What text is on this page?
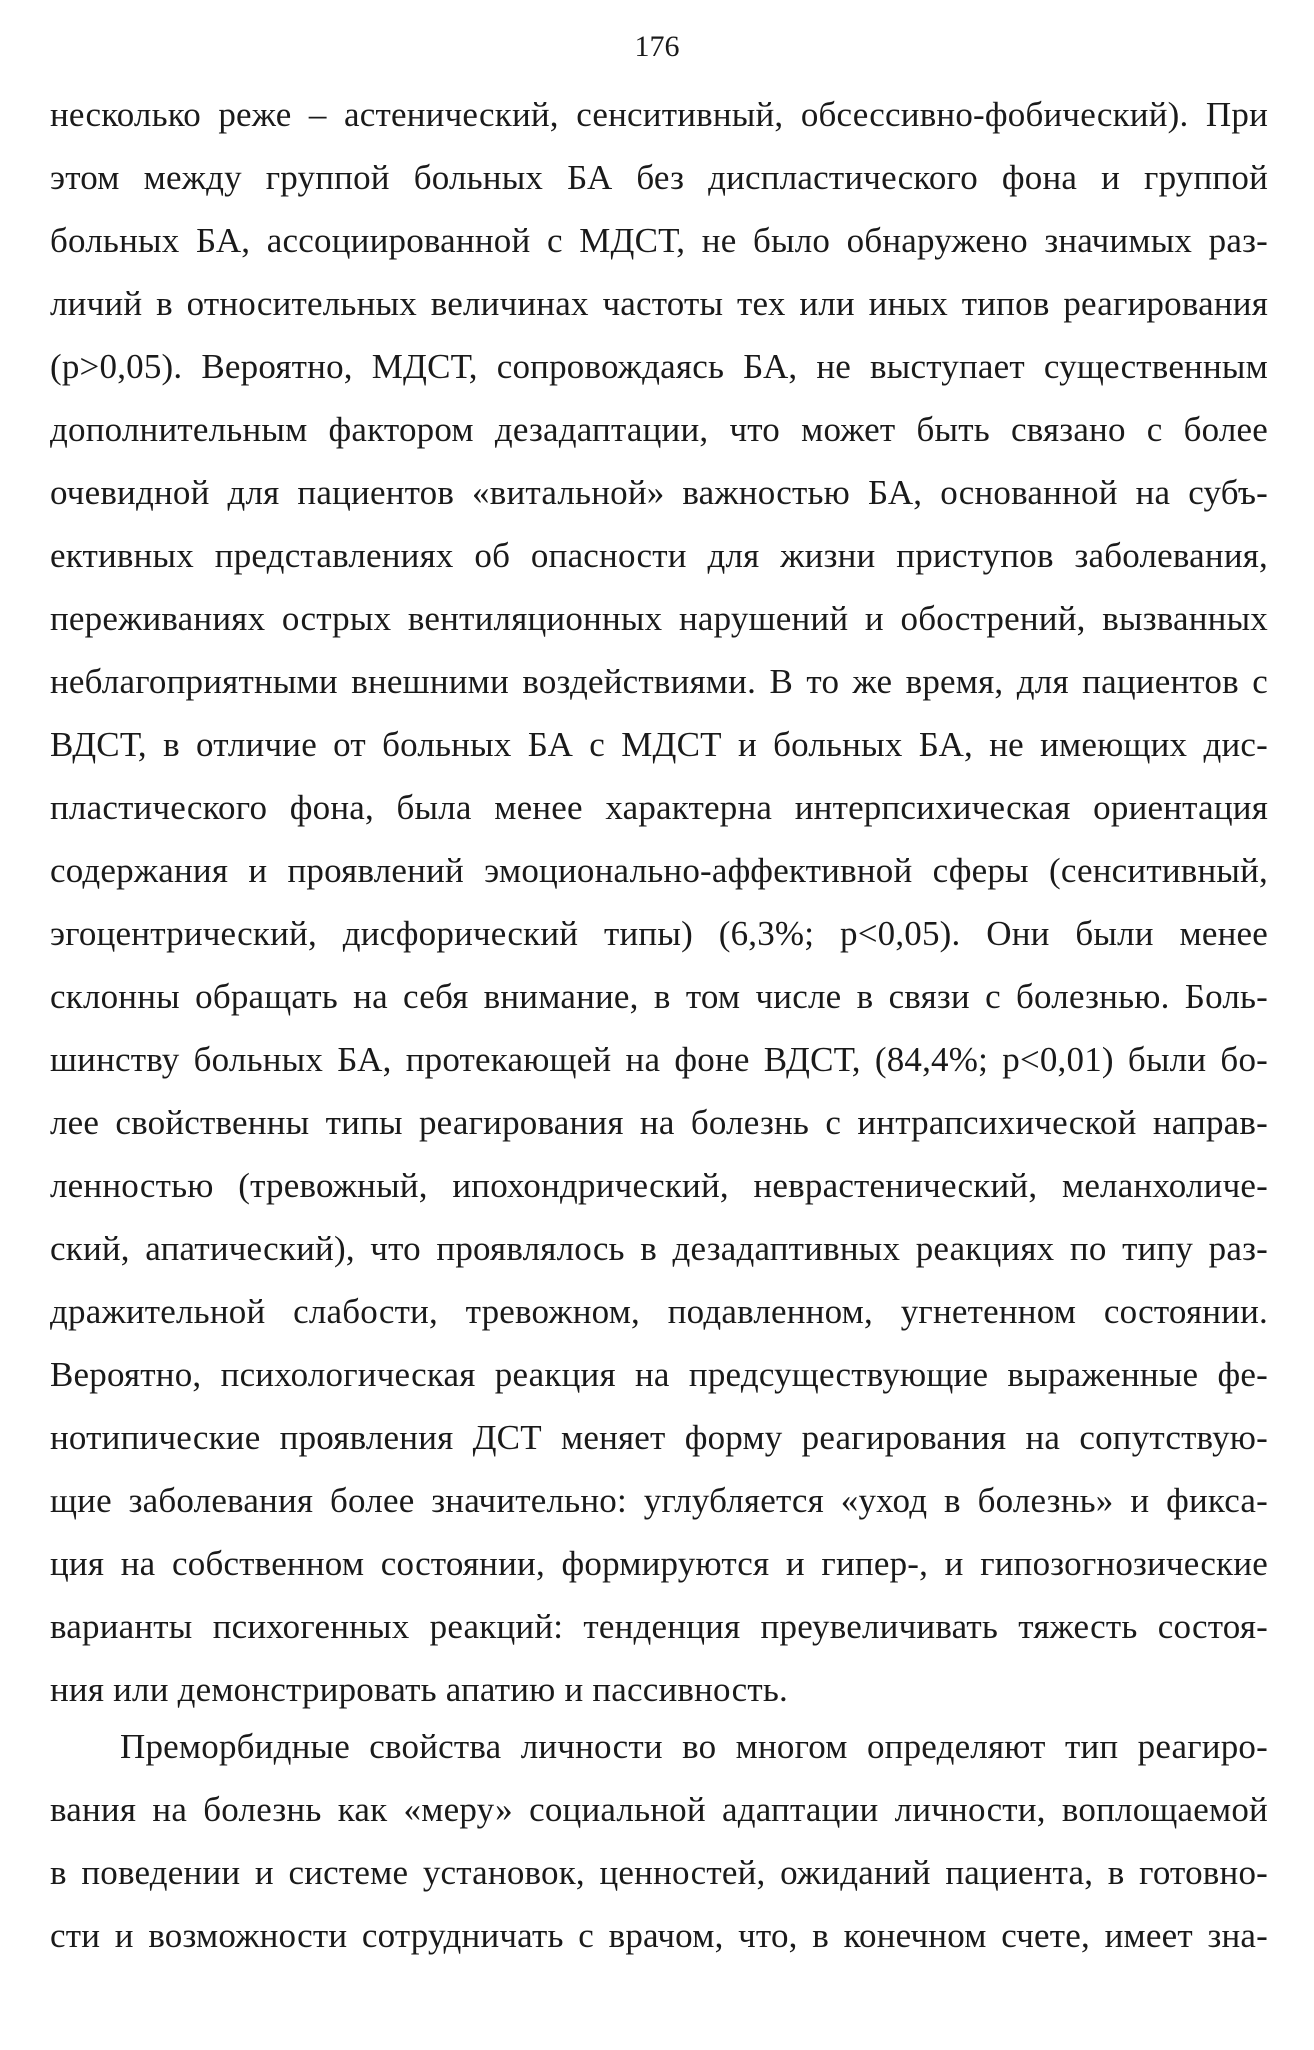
176
несколько реже – астенический, сенситивный, обсессивно-фобический). При
этом между группой больных БА без диспластического фона и группой
больных БА, ассоциированной с МДСТ, не было обнаружено значимых раз-
личий в относительных величинах частоты тех или иных типов реагирования
(р>0,05). Вероятно, МДСТ, сопровождаясь БА, не выступает существенным
дополнительным фактором дезадаптации, что может быть связано с более
очевидной для пациентов «витальной» важностью БА, основанной на субъ-
ективных представлениях об опасности для жизни приступов заболевания,
переживаниях острых вентиляционных нарушений и обострений, вызванных
неблагоприятными внешними воздействиями. В то же время, для пациентов с
ВДСТ, в отличие от больных БА с МДСТ и больных БА, не имеющих дис-
пластического фона, была менее характерна интерпсихическая ориентация
содержания и проявлений эмоционально-аффективной сферы (сенситивный,
эгоцентрический, дисфорический типы) (6,3%; р<0,05). Они были менее
склонны обращать на себя внимание, в том числе в связи с болезнью. Боль-
шинству больных БА, протекающей на фоне ВДСТ, (84,4%; р<0,01) были бо-
лее свойственны типы реагирования на болезнь с интрапсихической направ-
ленностью (тревожный, ипохондрический, неврастенический, меланхоличе-
ский, апатический), что проявлялось в дезадаптивных реакциях по типу раз-
дражительной слабости, тревожном, подавленном, угнетенном состоянии.
Вероятно, психологическая реакция на предсуществующие выраженные фе-
нотипические проявления ДСТ меняет форму реагирования на сопутствую-
щие заболевания более значительно: углубляется «уход в болезнь» и фикса-
ция на собственном состоянии, формируются и гипер-, и гипозогнозические
варианты психогенных реакций: тенденция преувеличивать тяжесть состоя-
ния или демонстрировать апатию и пассивность.
Преморбидные свойства личности во многом определяют тип реагиро-
вания на болезнь как «меру» социальной адаптации личности, воплощаемой
в поведении и системе установок, ценностей, ожиданий пациента, в готовно-
сти и возможности сотрудничать с врачом, что, в конечном счете, имеет зна-
